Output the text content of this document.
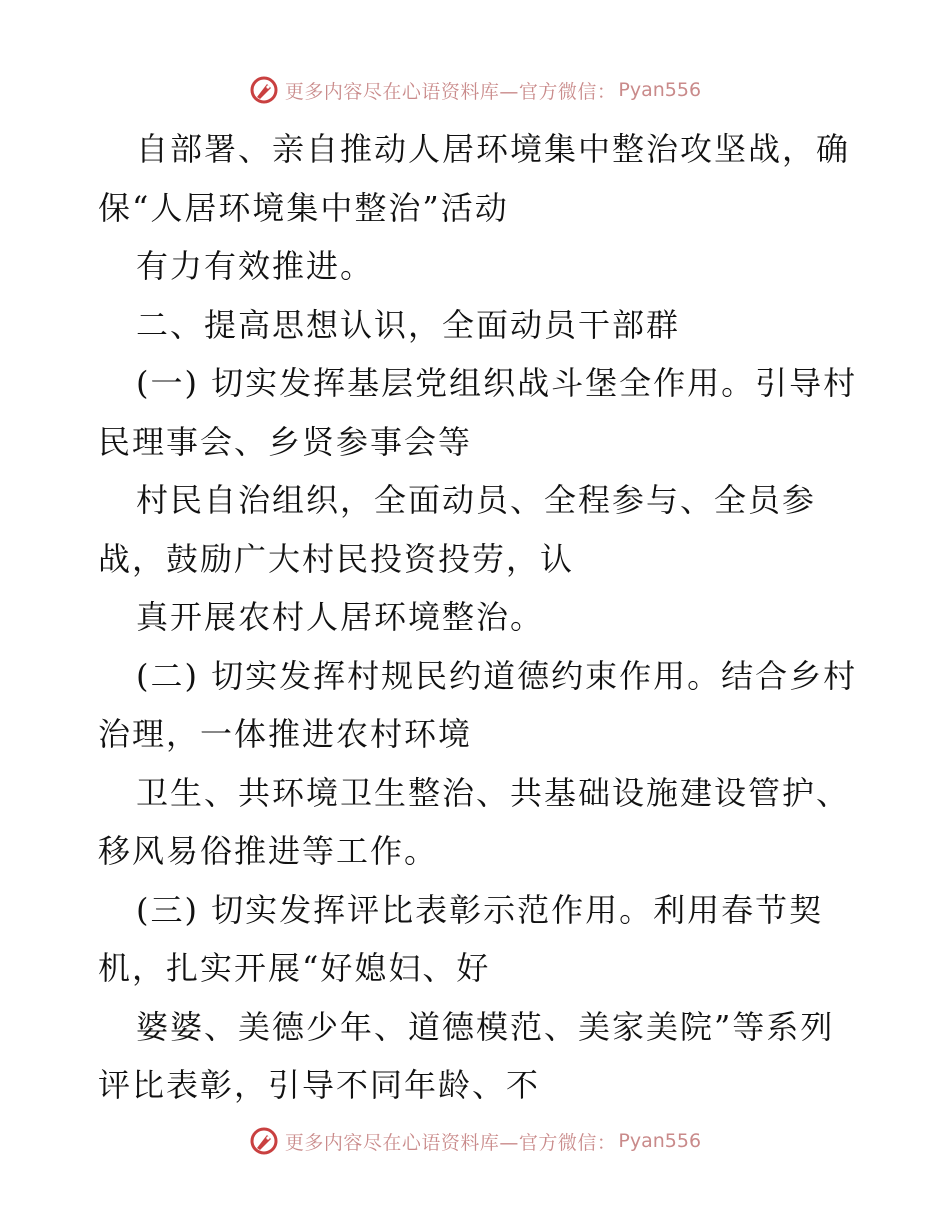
更多内容尽在心语资料库—官方微信： Pyan556
自部署、亲自推动人居环境集中整治攻坚战，确
保“人居环境集中整治”活动
有力有效推进。
二、提高思想认识，全面动员干部群
(一) 切实发挥基层党组织战斗堡全作用。引导村
民理事会、乡贤参事会等
村民自治组织，全面动员、全程参与、全员参
战，鼓励广大村民投资投劳，认
真开展农村人居环境整治。
(二) 切实发挥村规民约道德约束作用。结合乡村
治理，一体推进农村环境
卫生、共环境卫生整治、共基础设施建设管护、
移风易俗推进等工作。
(三) 切实发挥评比表彰示范作用。利用春节契
机，扎实开展“好媳妇、好
婆婆、美德少年、道德模范、美家美院”等系列
评比表彰，引导不同年龄、不
更多内容尽在心语资料库—官方微信： Pyan556
